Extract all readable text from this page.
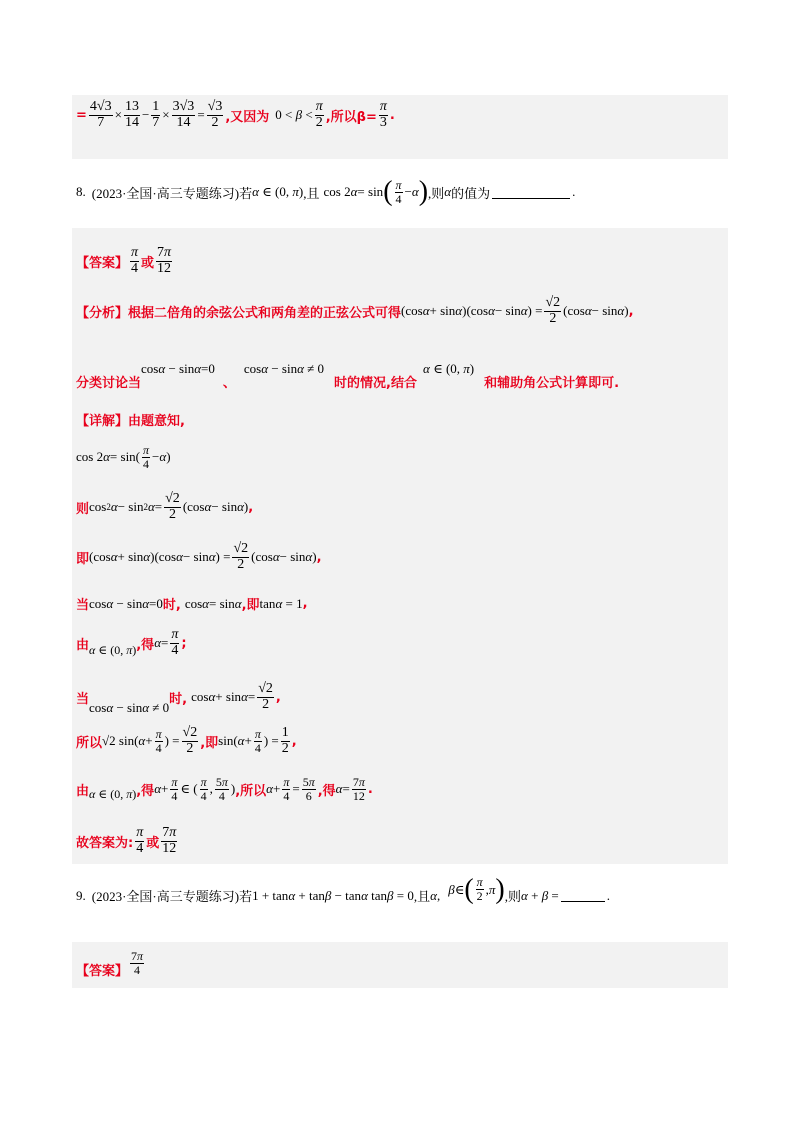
= $\frac{4√3}{7} \times \frac{13}{14} - \frac{1}{7} \times \frac{3√3}{14} = \frac{√3}{2}$ ,又因为 $0 < \beta < \frac{\pi}{2}$ ,所以$\beta= \frac{\pi}{3}$ .
8. (2023·全国·高三专题练习) 若 α ∈ (0, π) ,且 cos 2 α = sin ( $\frac{\pi}{4} - \alpha$ ) ,则 α 的值为	.
【答案】 $\frac{\pi}{4}$ 或 $\frac{7\pi}{12}$
【分析】 根据二倍角的余弦公式和两角差的正弦公式可得 (cos α + sin α )(cos α − sin α ) = $\frac{√2}{2} (\cos$ α − sin α ) ,
分类讨论当
cosα − sinα=0
、
cosα − sinα ≠ 0
时的情况,结合
α ∈ (0, π)
和辅助角公式计算即可.
【详解】 由题意知,
cos 2 $\alpha = \sin( \frac{\pi}{4} - \alpha$ )
则 cos 2 α − sin 2 $\alpha = \frac{√2}{2} (\cos$ α − sin α ) ,
即 (cos α + sin α )(cos α − sin α ) = $\frac{√2}{2} (\cos$ α − sin α ) ,
当 cosα − sinα=0 时, cosα= sinα ,即 tanα = 1 ,
由 α ∈ (0, π) ,得 $\alpha = \frac{\pi}{4}$ ;
当
cosα − sinα ≠ 0
时, $\cos \alpha + \sin \alpha = \frac{√2}{2}$ ,
所以 √2 sin( $\alpha + \frac{\pi}{4}$ ) = $\frac{√2}{2}$ ,即 sin( $\alpha + \frac{\pi}{4}$ ) = $\frac{1}{2}$ ,
由 α ∈ (0, π) ,得 $\alpha + \frac{\pi}{4}$ ∈ ( $\frac{\pi}{4}$ , $\frac{5\pi}{4}$ ) ,所以 $\alpha + \frac{\pi}{4} = \frac{5\pi}{6}$ ,得 $\alpha = \frac{7\pi}{12}$ .
故答案为: $\frac{\pi}{4}$ 或 $\frac{7\pi}{12}$
9. (2023·全国·高三专题练习) 若 1 + tanα + tanβ − tanα tanβ = 0 ,且 α , β ∈ ( $\frac{\pi}{2}$ , π ) ,则 α + β =	.
【答案】 $\frac{7\pi}{4}$
